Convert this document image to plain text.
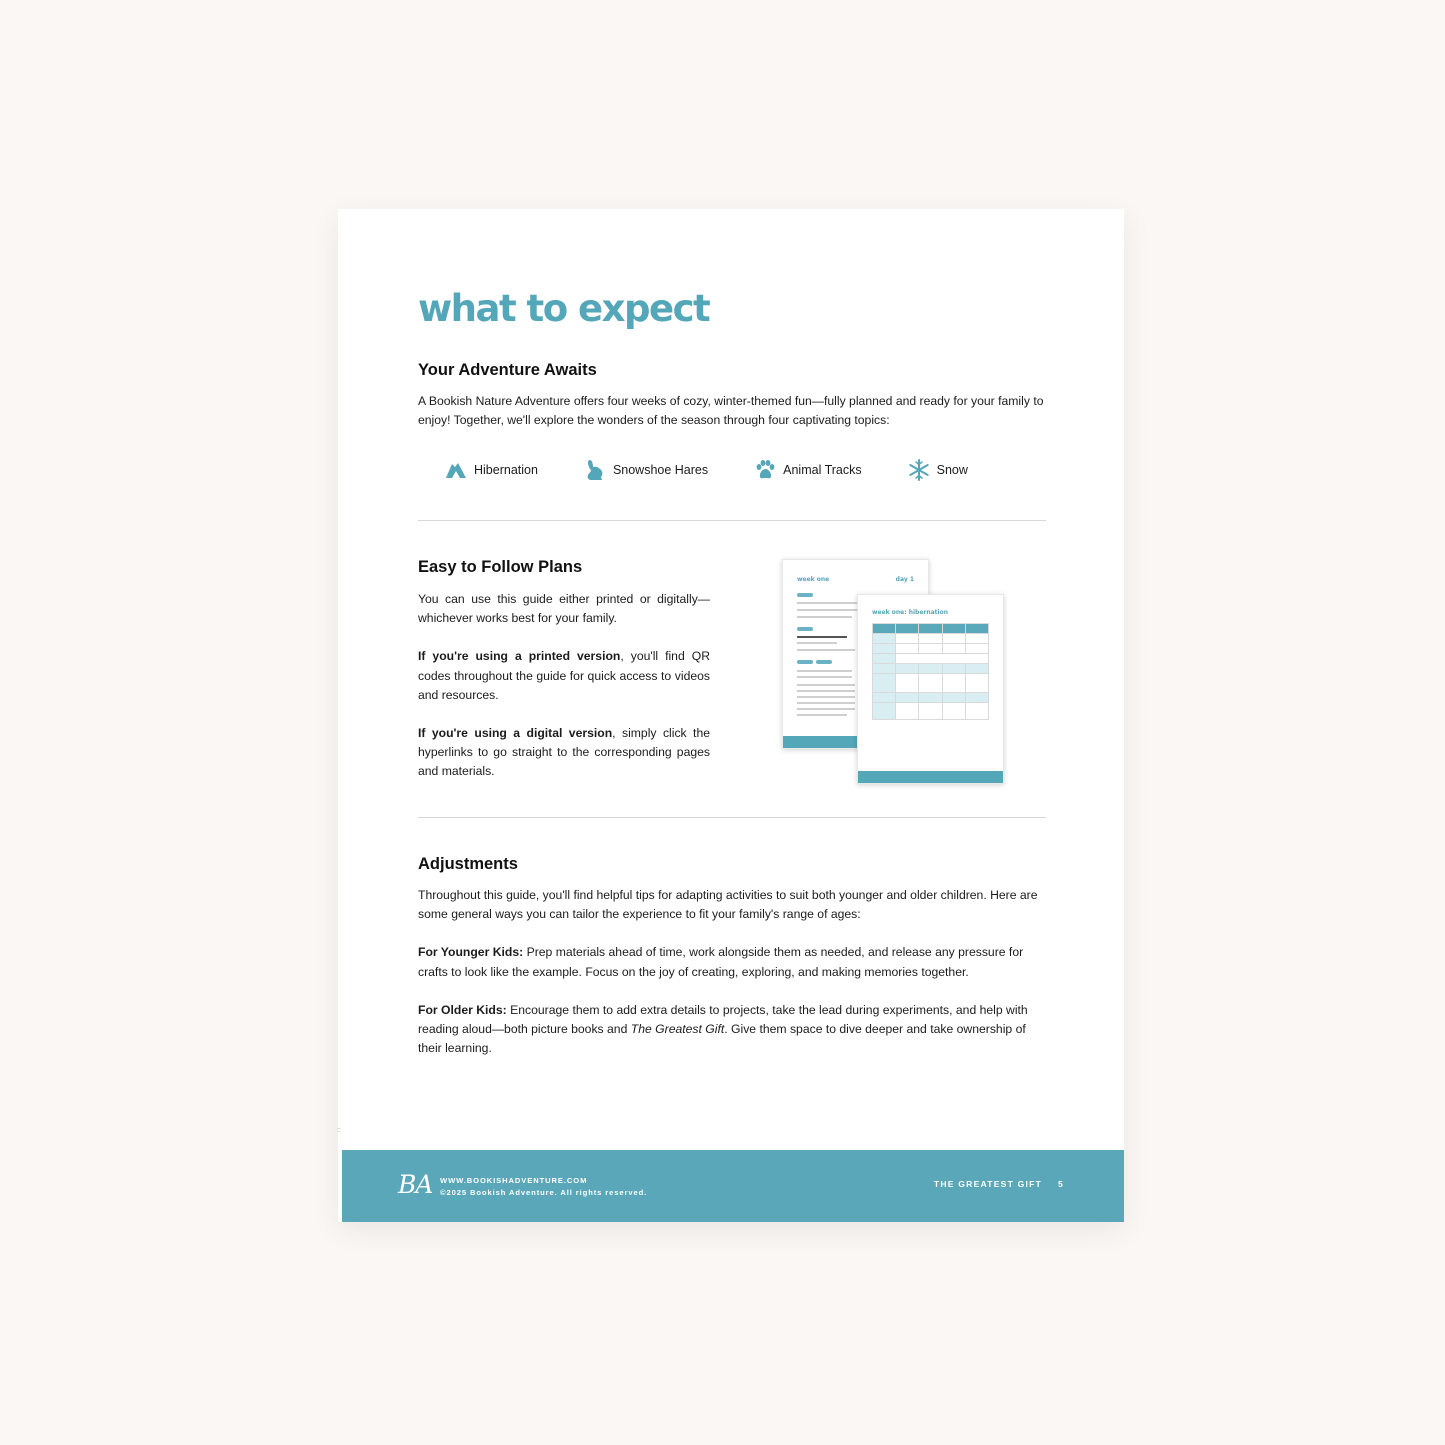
what to expect
Your Adventure Awaits

A Bookish Nature Adventure offers four weeks of cozy, winter-themed fun—fully planned and ready for your family to enjoy! Together, we'll explore the wonders of the season through four captivating topics:

Hibernation	Snowshoe Hares	Animal Tracks	Snow
Easy to Follow Plans

You can use this guide either printed or digitally—whichever works best for your family.

If you're using a printed version, you'll find QR codes throughout the guide for quick access to videos and resources.

If you're using a digital version, simply click the hyperlinks to go straight to the corresponding pages and materials.

week one	day 1
week one: hibernation

Adjustments

Throughout this guide, you'll find helpful tips for adapting activities to suit both younger and older children. Here are some general ways you can tailor the experience to fit your family's range of ages:

For Younger Kids: Prep materials ahead of time, work alongside them as needed, and release any pressure for crafts to look like the example. Focus on the joy of creating, exploring, and making memories together.

For Older Kids: Encourage them to add extra details to projects, take the lead during experiments, and help with reading aloud—both picture books and The Greatest Gift. Give them space to dive deeper and take ownership of their learning.

::
BA WWW.BOOKISHADVENTURE.COM
©2025 Bookish Adventure. All rights reserved.
THE GREATEST GIFT 5
